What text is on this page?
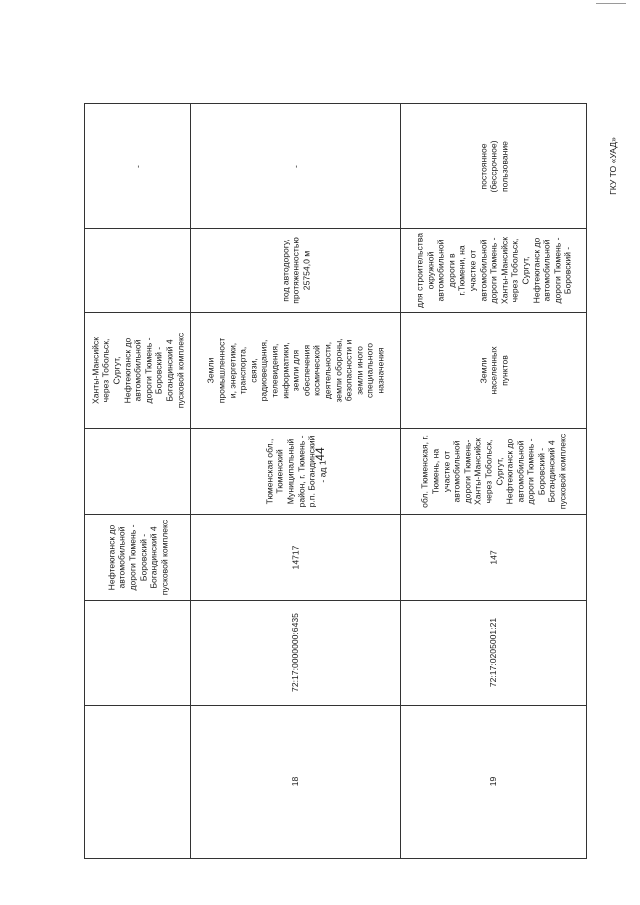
44
Нефтеюганск до
автомобильной
дороги Тюмень -
Боровский -
Богандинский 4
пусковой комплекс
Ханты-Мансийск
через Тобольск,
Сургут,
Нефтеюганск до
автомобильной
дороги Тюмень -
Боровский -
Богандинский 4
пусковой комплекс
18
72:17:0000000:6435
14717
Тюменская обл.,
Тюменский
Муниципальный
район, г. Тюмень -
р.п. Богандинский
- ад 1
Земли
промышленност
и, энергетики,
транспорта,
связи,
радиовещания,
телевидения,
информатики,
земли для
обеспечения
космической
деятельности,
земли обороны,
безопасности и
земли иного
специального
назначения
под автодорогу,
протяженностью
25754,0 м
-
-
19
72:17:0205001:21
147
обл. Тюменская, г.
Тюмень, на
участке от
автомобильной
дороги Тюмень-
Ханты-Мансийск
через Тобольск,
Сургут,
Нефтеюганск до
автомобильной
дороги Тюмень -
Боровский -
Богандинский 4
пусковой комплекс
Земли
населенных
пунктов
для строительства
окружной
автомобильной
дороги в
г.Тюмени, на
участке от
автомобильной
дороги Тюмень -
Ханты-Мансийск
через Тобольск,
Сургут,
Нефтеюганск до
автомобильной
дороги Тюмень -
Боровский -
постоянное
(бессрочное)
пользование	ГКУ ТО «УАД»
